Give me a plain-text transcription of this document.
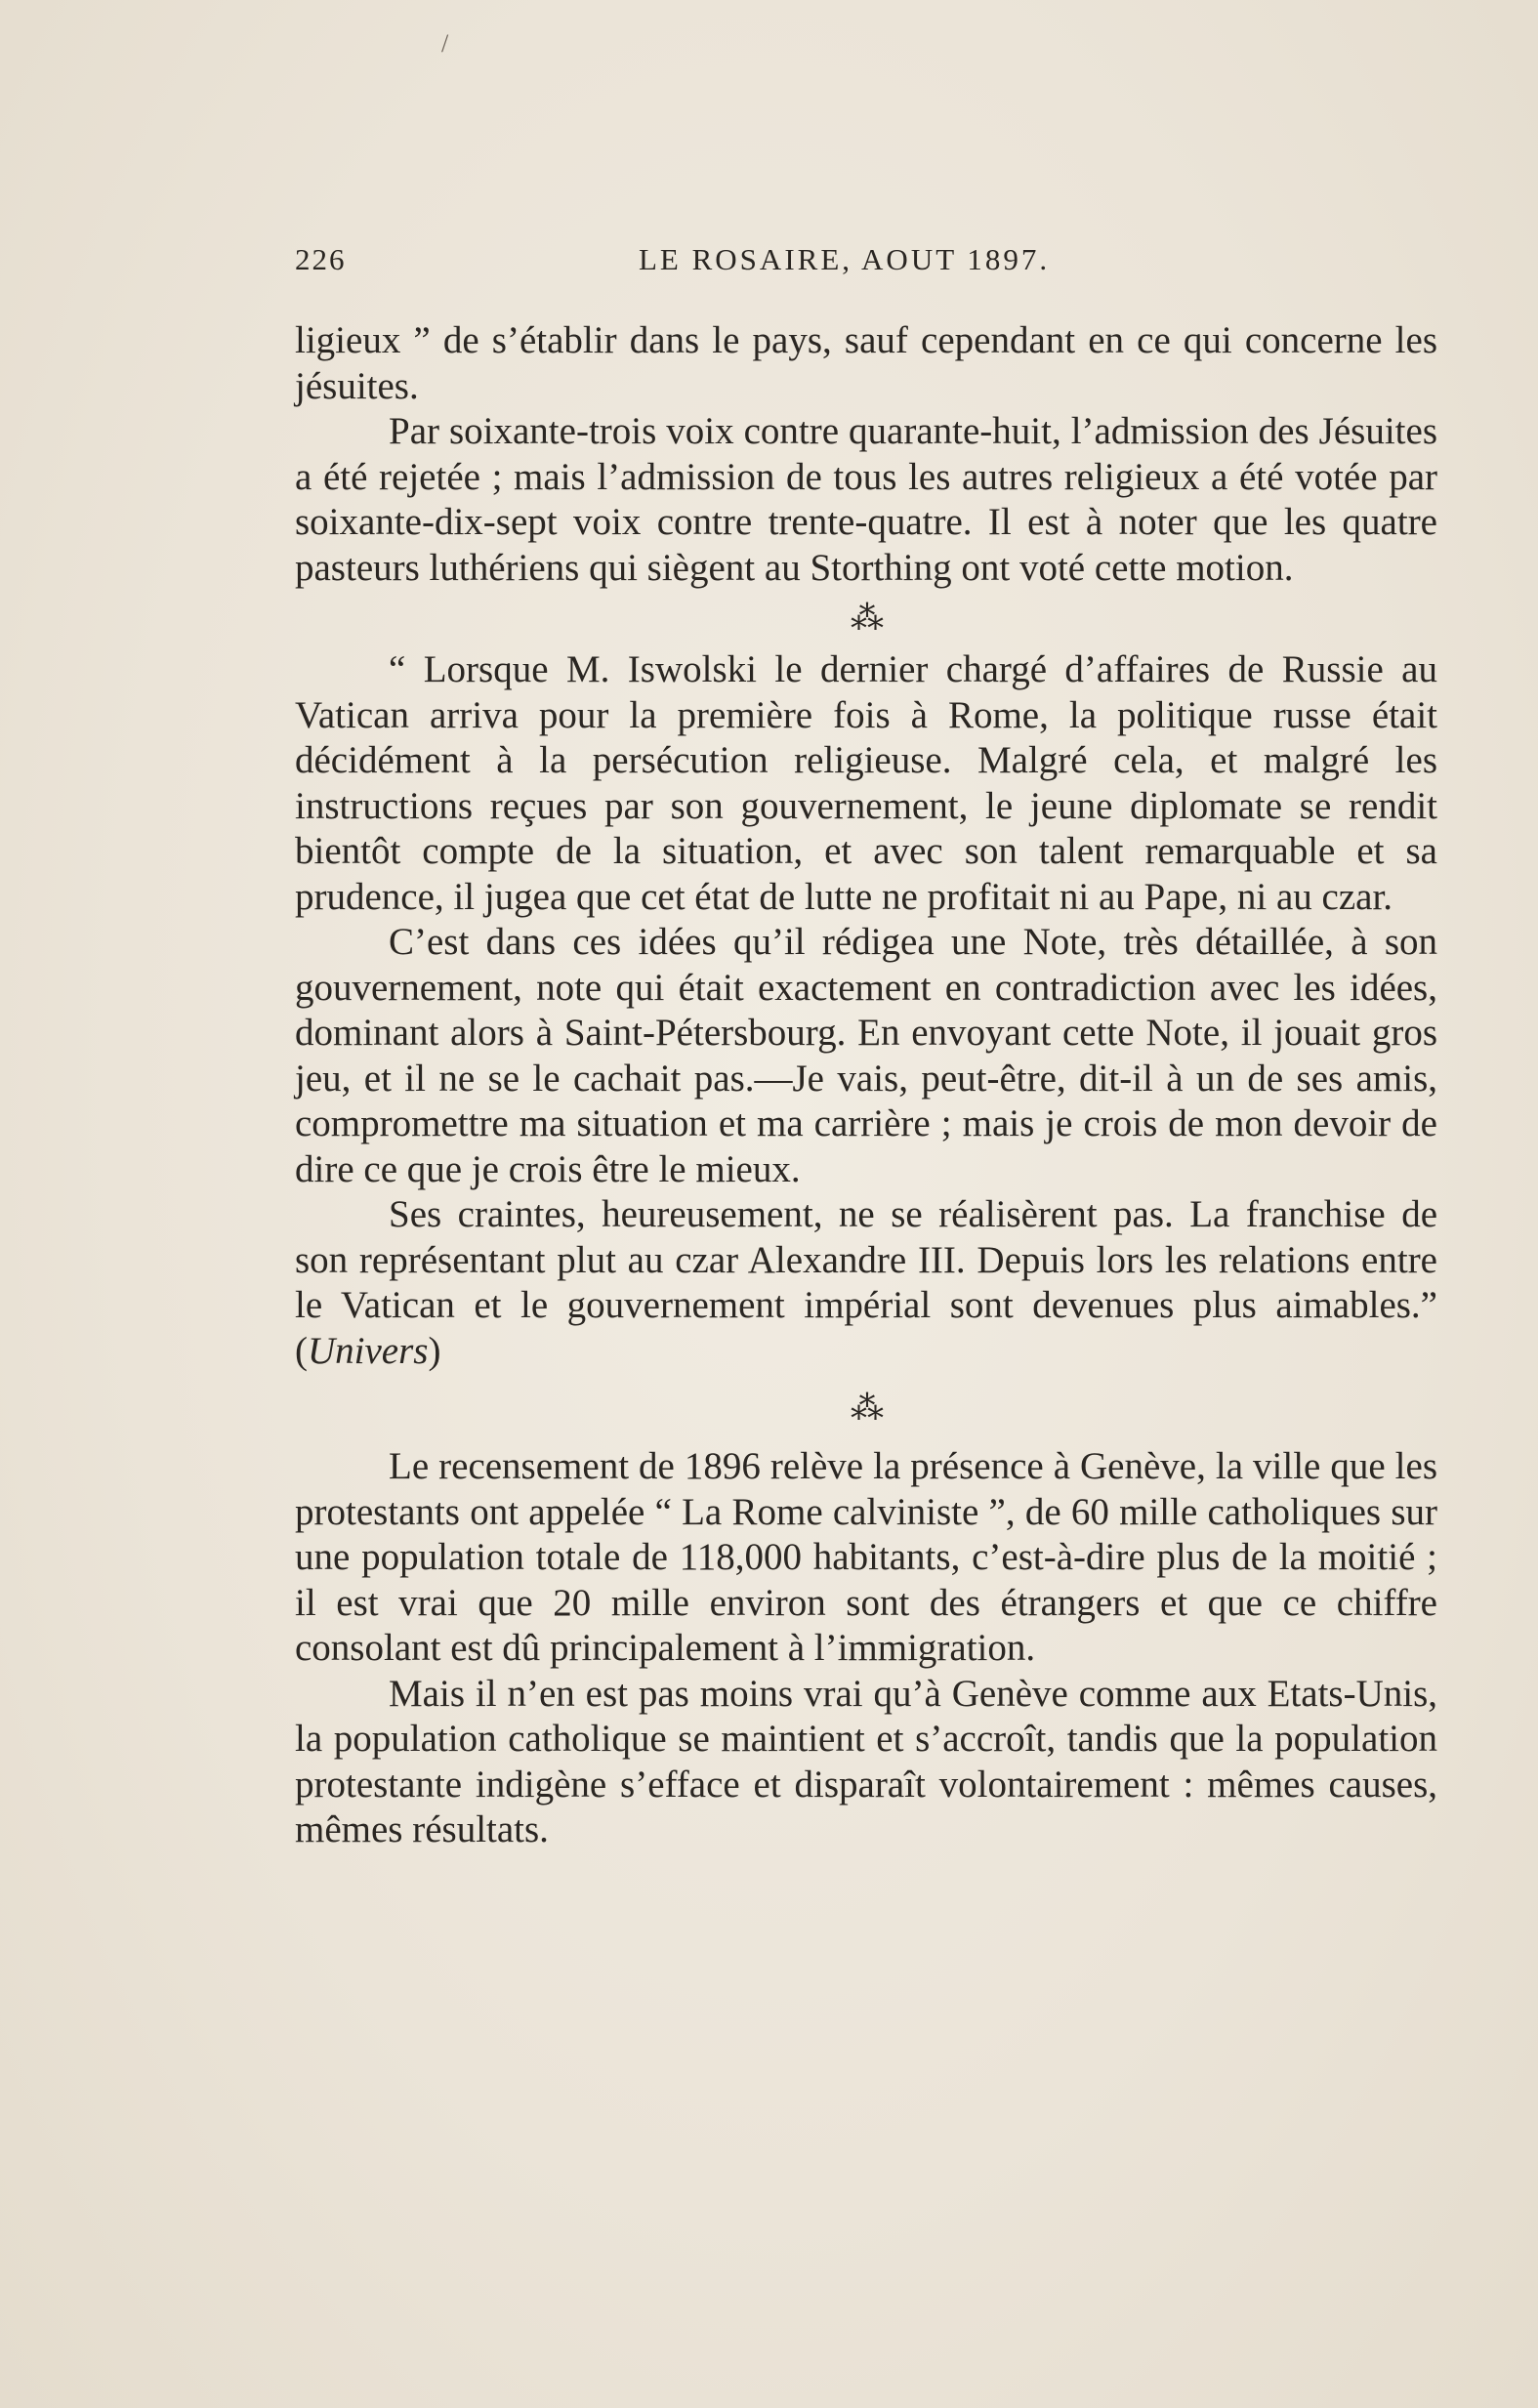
/
226	LE ROSAIRE, AOUT 1897.

ligieux ” de s’établir dans le pays, sauf cependant en ce qui concerne les jésuites.

Par soixante-trois voix contre quarante-huit, l’admission des Jésuites a été rejetée ; mais l’admission de tous les autres religieux a été votée par soixante-dix-sept voix contre trente-quatre. Il est à noter que les quatre pasteurs luthériens qui siègent au Storthing ont voté cette motion.

⁂

“ Lorsque M. Iswolski le dernier chargé d’affaires de Russie au Vatican arriva pour la première fois à Rome, la politique russe était décidément à la persécution religieuse. Malgré cela, et malgré les instructions reçues par son gouvernement, le jeune diplomate se rendit bientôt compte de la situation, et avec son talent remarquable et sa prudence, il jugea que cet état de lutte ne profitait ni au Pape, ni au czar.

C’est dans ces idées qu’il rédigea une Note, très détaillée, à son gouvernement, note qui était exactement en contradiction avec les idées, dominant alors à Saint-Pétersbourg. En envoyant cette Note, il jouait gros jeu, et il ne se le cachait pas.—Je vais, peut-être, dit-il à un de ses amis, compromettre ma situation et ma carrière ; mais je crois de mon devoir de dire ce que je crois être le mieux.

Ses craintes, heureusement, ne se réalisèrent pas. La franchise de son représentant plut au czar Alexandre III. Depuis lors les relations entre le Vatican et le gouvernement impérial sont devenues plus aimables.” ( Univers )

⁂

Le recensement de 1896 relève la présence à Genève, la ville que les protestants ont appelée “ La Rome calviniste ”, de 60 mille catholiques sur une population totale de 118,000 habitants, c’est-à-dire plus de la moitié ; il est vrai que 20 mille environ sont des étrangers et que ce chiffre consolant est dû principalement à l’immigration.

Mais il n’en est pas moins vrai qu’à Genève comme aux Etats-Unis, la population catholique se maintient et s’accroît, tandis que la population protestante indigène s’efface et disparaît volontairement : mêmes causes, mêmes résultats.
